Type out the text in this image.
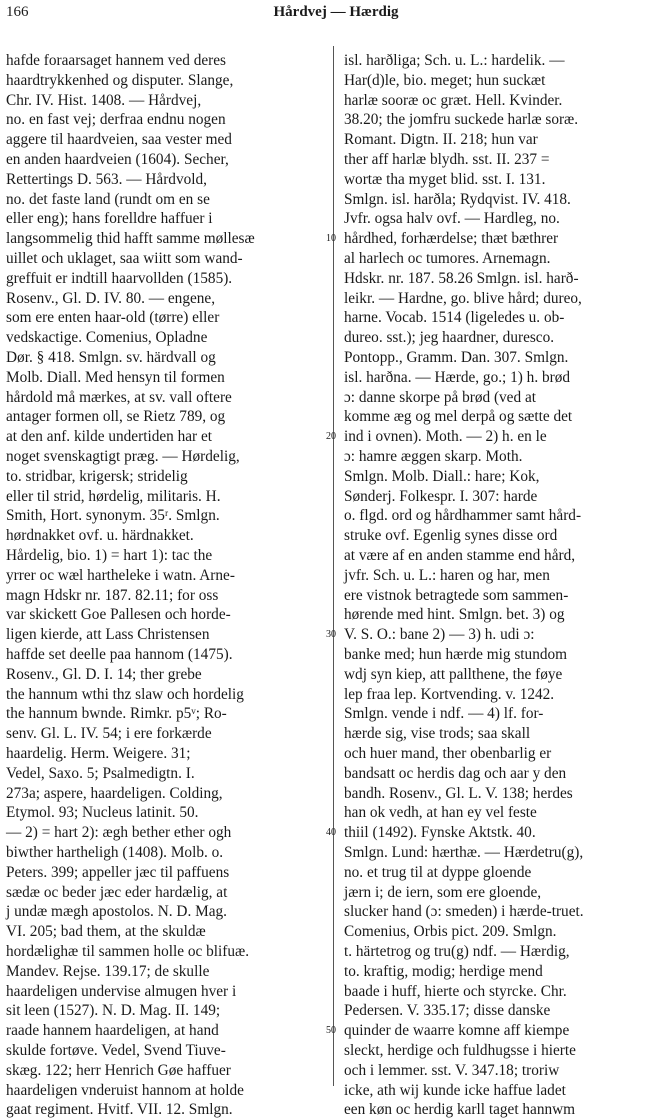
166	Hårdvej — Hærdig
hafde foraarsaget hannem ved deres
haardtrykkenhed og disputer. Slange,
Chr. IV. Hist. 1408. — Hårdvej,
no. en fast vej; derfraa endnu nogen
aggere til haardveien, saa vester med
en anden haardveien (1604). Secher,
Rettertings D. 563. — Hårdvold,
no. det faste land (rundt om en se
eller eng); hans forelldre haffuer i
langsommelig thid hafft samme møllesæ
uillet och uklaget, saa wiitt som wand-
greffuit er indtill haarvollden (1585).
Rosenv., Gl. D. IV. 80. — engene,
som ere enten haar-old (tørre) eller
vedskactige. Comenius, Opladne
Dør. § 418. Smlgn. sv. härdvall og
Molb. Diall. Med hensyn til formen
hårdold må mærkes, at sv. vall oftere
antager formen oll, se Rietz 789, og
at den anf. kilde undertiden har et
noget svenskagtigt præg. — Hørdelig,
to. stridbar, krigersk; stridelig
eller til strid, hørdelig, militaris. H.
Smith, Hort. synonym. 35ʳ. Smlgn.
hørdnakket ovf. u. härdnakket.
Hårdelig, bio. 1) = hart 1): tac the
yrrer oc wæl hartheleke i watn. Arne-
magn Hdskr nr. 187. 82.11; for oss
var skickett Goe Pallesen och horde-
ligen kierde, att Lass Christensen
haffde set deelle paa hannom (1475).
Rosenv., Gl. D. I. 14; ther grebe
the hannum wthi thz slaw och hordelig
the hannum bwnde. Rimkr. p5ᵛ; Ro-
senv. Gl. L. IV. 54; i ere forkærde
haardelig. Herm. Weigere. 31;
Vedel, Saxo. 5; Psalmedigtn. I.
273a; aspere, haardeligen. Colding,
Etymol. 93; Nucleus latinit. 50.
— 2) = hart 2): ægh bether ether ogh
biwther hartheligh (1408). Molb. o.
Peters. 399; appeller jæc til paffuens
sædæ oc beder jæc eder hardælig, at
j undæ mægh apostolos. N. D. Mag.
VI. 205; bad them, at the skuldæ
hordælighæ til sammen holle oc blifuæ.
Mandev. Rejse. 139.17; de skulle
haardeligen undervise almugen hver i
sit leen (1527). N. D. Mag. II. 149;
raade hannem haardeligen, at hand
skulde fortøve. Vedel, Svend Tiuve-
skæg. 122; herr Henrich Gøe haffuer
haardeligen vnderuist hannom at holde
gaat regiment. Hvitf. VII. 12. Smlgn.
isl. harðliga; Sch. u. L.: hardelik. —
Har(d)le, bio. meget; hun suckæt
harlæ sooræ oc græt. Hell. Kvinder.
38.20; the jomfru suckede harlæ soræ.
Romant. Digtn. II. 218; hun var
ther aff harlæ blydh. sst. II. 237 =
wortæ tha myget blid. sst. I. 131.
Smlgn. isl. harðla; Rydqvist. IV. 418.
Jvfr. ogsa halv ovf. — Hardleg, no.
hårdhed, forhærdelse; thæt bæthrer
al harlech oc tumores. Arnemagn.
Hdskr. nr. 187. 58.26 Smlgn. isl. harð-
leikr. — Hardne, go. blive hård; dureo,
harne. Vocab. 1514 (ligeledes u. ob-
dureo. sst.); jeg haardner, duresco.
Pontopp., Gramm. Dan. 307. Smlgn.
isl. harðna. — Hærde, go.; 1) h. brød
ɔ: danne skorpe på brød (ved at
komme æg og mel derpå og sætte det
ind i ovnen). Moth. — 2) h. en le
ɔ: hamre æggen skarp. Moth.
Smlgn. Molb. Diall.: hare; Kok,
Sønderj. Folkespr. I. 307: harde
o. flgd. ord og hårdhammer samt hård-
struke ovf. Egenlig synes disse ord
at være af en anden stamme end hård,
jvfr. Sch. u. L.: haren og har, men
ere vistnok betragtede som sammen-
hørende med hint. Smlgn. bet. 3) og
V. S. O.: bane 2) — 3) h. udi ɔ:
banke med; hun hærde mig stundom
wdj syn kiep, att pallthene, the føye
lep fraa lep. Kortvending. v. 1242.
Smlgn. vende i ndf. — 4) lf. for-
hærde sig, vise trods; saa skall
och huer mand, ther obenbarlig er
bandsatt oc herdis dag och aar y den
bandh. Rosenv., Gl. L. V. 138; herdes
han ok vedh, at han ey vel feste
thiil (1492). Fynske Aktstk. 40.
Smlgn. Lund: hærthæ. — Hærdetru(g),
no. et trug til at dyppe gloende
jærn i; de iern, som ere gloende,
slucker hand (ɔ: smeden) i hærde-truet.
Comenius, Orbis pict. 209. Smlgn.
t. härtetrog og tru(g) ndf. — Hærdig,
to. kraftig, modig; herdige mend
baade i huff, hierte och styrcke. Chr.
Pedersen. V. 335.17; disse danske
quinder de waarre komne aff kiempe
sleckt, herdige och fuldhugsse i hierte
och i lemmer. sst. V. 347.18; troriw
icke, ath wij kunde icke haffue ladet
een køn oc herdig karll taget hannwm
10
20
30
40
50
